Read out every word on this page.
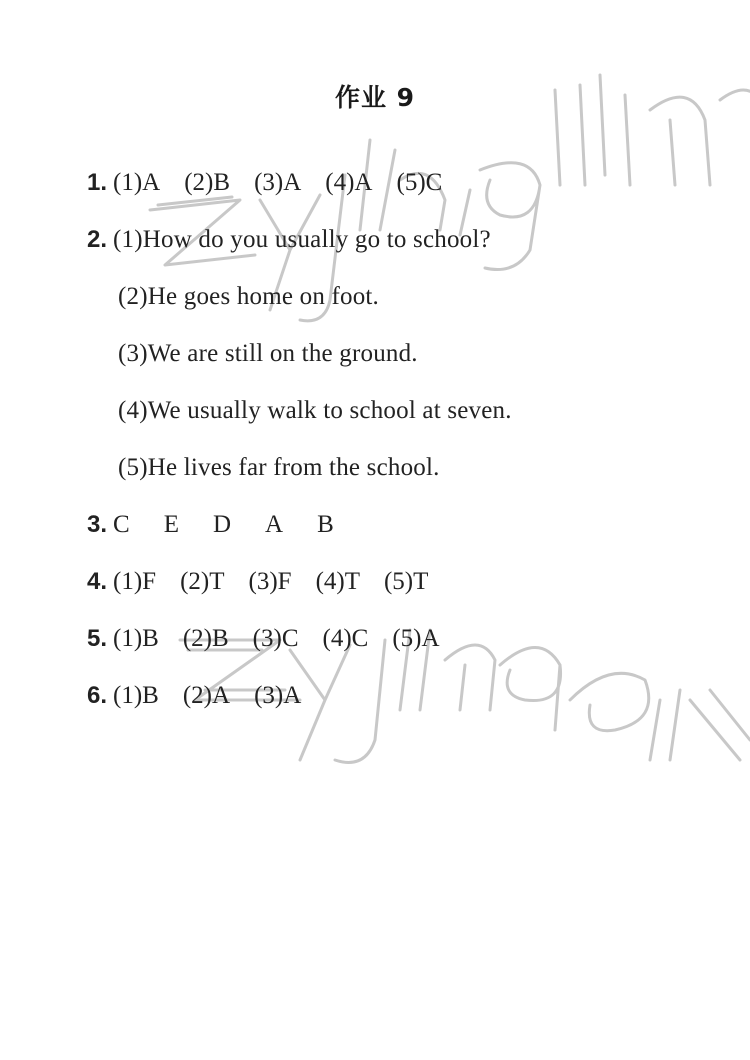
作业 9

1. (1)A (2)B (3)A (4)A (5)C

2. (1)How do you usually go to school?

(2)He goes home on foot.

(3)We are still on the ground.

(4)We usually walk to school at seven.

(5)He lives far from the school.

3. C E D A B

4. (1)F (2)T (3)F (4)T (5)T

5. (1)B (2)B (3)C (4)C (5)A

6. (1)B (2)A (3)A
